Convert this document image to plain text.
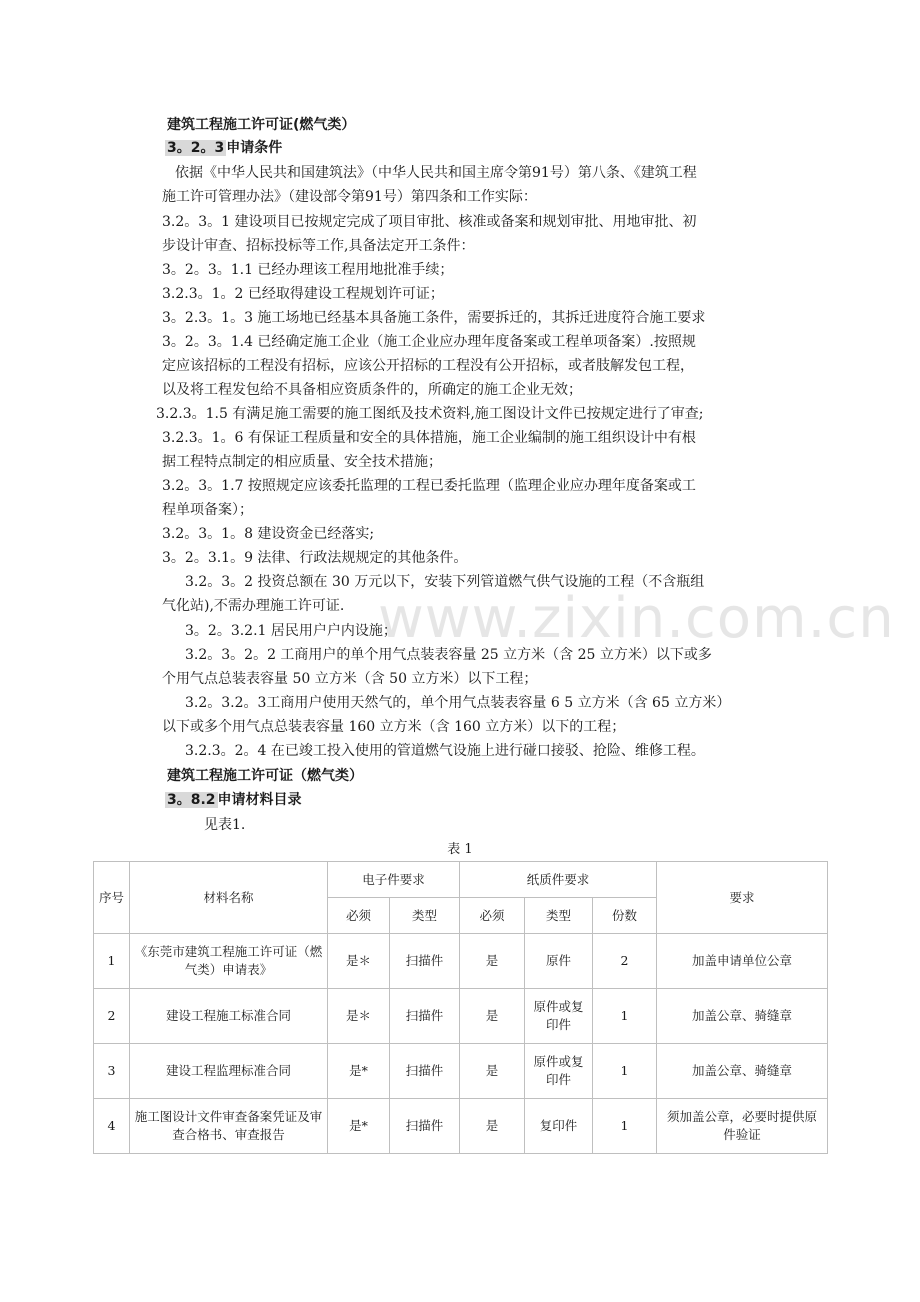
www.zixin.com.cn
建筑工程施工许可证(燃气类）
3。2。3 申请条件
依据《中华人民共和国建筑法》（中华人民共和国主席令第91号）第八条、《建筑工程
施工许可管理办法》（建设部令第91号）第四条和工作实际：
3.2。3。1 建设项目已按规定完成了项目审批、核准或备案和规划审批、用地审批、初
步设计审查、招标投标等工作,具备法定开工条件：
3。2。3。1.1 已经办理该工程用地批准手续；
3.2.3。1。2 已经取得建设工程规划许可证；
3。2.3。1。3 施工场地已经基本具备施工条件，需要拆迁的，其拆迁进度符合施工要求
3。2。3。1.4 已经确定施工企业（施工企业应办理年度备案或工程单项备案）.按照规
定应该招标的工程没有招标，应该公开招标的工程没有公开招标，或者肢解发包工程，
以及将工程发包给不具备相应资质条件的，所确定的施工企业无效；
3.2.3。1.5 有满足施工需要的施工图纸及技术资料,施工图设计文件已按规定进行了审查;
3.2.3。1。6 有保证工程质量和安全的具体措施，施工企业编制的施工组织设计中有根
据工程特点制定的相应质量、安全技术措施；
3.2。3。1.7 按照规定应该委托监理的工程已委托监理（监理企业应办理年度备案或工
程单项备案）；
3.2。3。1。8 建设资金已经落实;
3。2。3.1。9 法律、行政法规规定的其他条件。
3.2。3。2 投资总额在 30 万元以下，安装下列管道燃气供气设施的工程（不含瓶组
气化站),不需办理施工许可证.
3。2。3.2.1 居民用户户内设施；
3.2。3。2。2 工商用户的单个用气点装表容量 25 立方米（含 25 立方米）以下或多
个用气点总装表容量 50 立方米（含 50 立方米）以下工程；
3.2。3.2。3工商用户使用天然气的，单个用气点装表容量 6 5 立方米（含 65 立方米）
以下或多个用气点总装表容量 160 立方米（含 160 立方米）以下的工程；
3.2.3。2。4 在已竣工投入使用的管道燃气设施上进行碰口接驳、抢险、维修工程。
建筑工程施工许可证（燃气类）
3。8.2 申请材料目录
见表1.
表 1
序号	材料名称	电子件要求		纸质件要求			要求
		必须	类型	必须	类型	份数	
1	《东莞市建筑工程施工许可证（燃气类）申请表》	是＊	扫描件	是	原件	2	加盖申请单位公章
2	建设工程施工标准合同	是＊	扫描件	是	原件或复印件	1	加盖公章、骑缝章
3	建设工程监理标准合同	是*	扫描件	是	原件或复印件	1	加盖公章、骑缝章
4	施工图设计文件审查备案凭证及审查合格书、审查报告	是*	扫描件	是	复印件	1	须加盖公章，必要时提供原件验证
